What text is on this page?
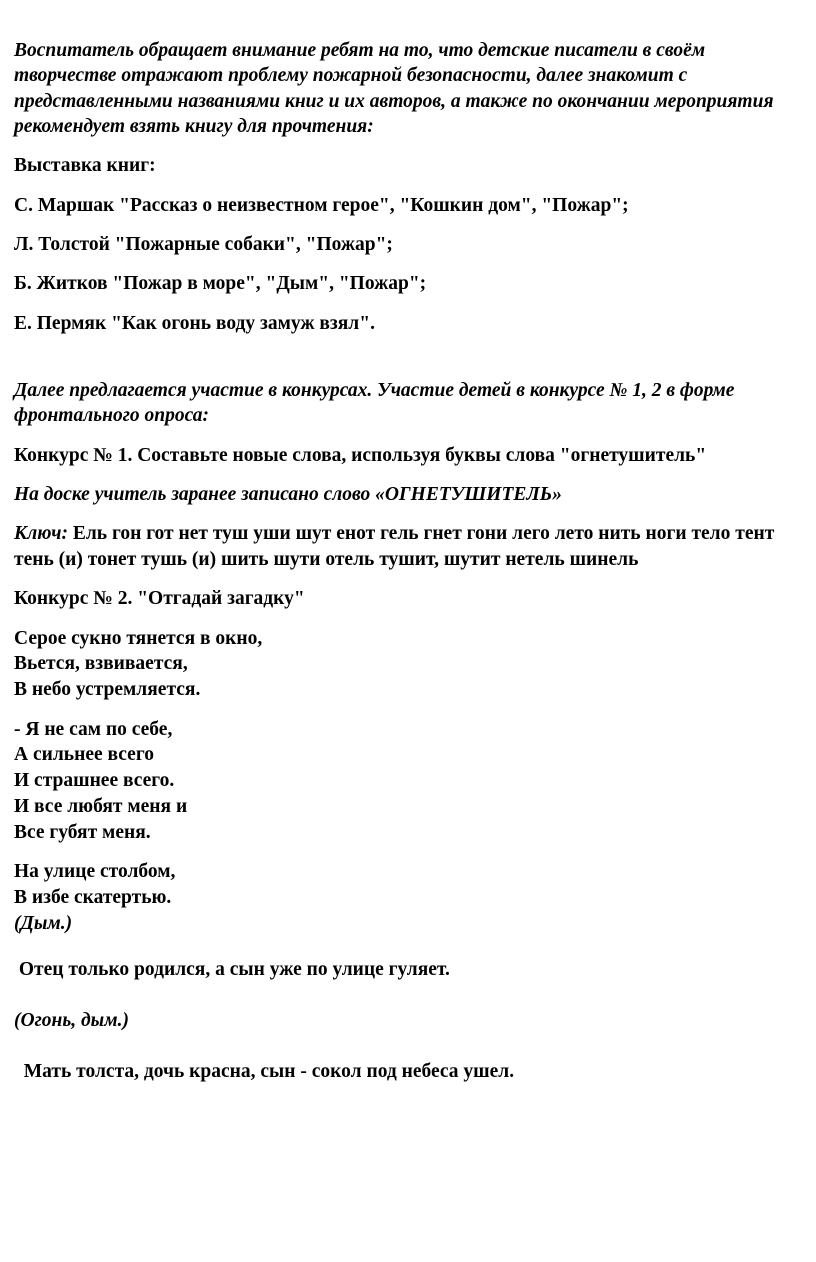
Воспитатель обращает внимание ребят на то, что детские писатели в своём творчестве отражают проблему пожарной безопасности, далее знакомит с представленными названиями книг и их авторов, а также по окончании мероприятия рекомендует взять книгу для прочтения:

Выставка книг:

С. Маршак "Рассказ о неизвестном герое", "Кошкин дом", "Пожар";

Л. Толстой "Пожарные собаки", "Пожар";

Б. Житков "Пожар в море", "Дым", "Пожар";

Е. Пермяк "Как огонь воду замуж взял".

Далее предлагается участие в конкурсах. Участие детей в конкурсе № 1, 2 в форме фронтального опроса:

Конкурс № 1. Составьте новые слова, используя буквы слова "огнетушитель"

На доске учитель заранее записано слово «ОГНЕТУШИТЕЛЬ»

Ключ: Ель гон гот нет туш уши шут енот гель гнет гони лего лето нить ноги тело тент тень (и) тонет тушь (и) шить шути отель тушит, шутит нетель шинель

Конкурс № 2. "Отгадай загадку"

Серое сукно тянется в окно,

Вьется, взвивается,

В небо устремляется.

- Я не сам по себе,

А сильнее всего

И страшнее всего.

И все любят меня и

Все губят меня.

На улице столбом,

В избе скатертью.

(Дым.)

Отец только родился, а сын уже по улице гуляет.

(Огонь, дым.)

Мать толста, дочь красна, сын - сокол под небеса ушел.
